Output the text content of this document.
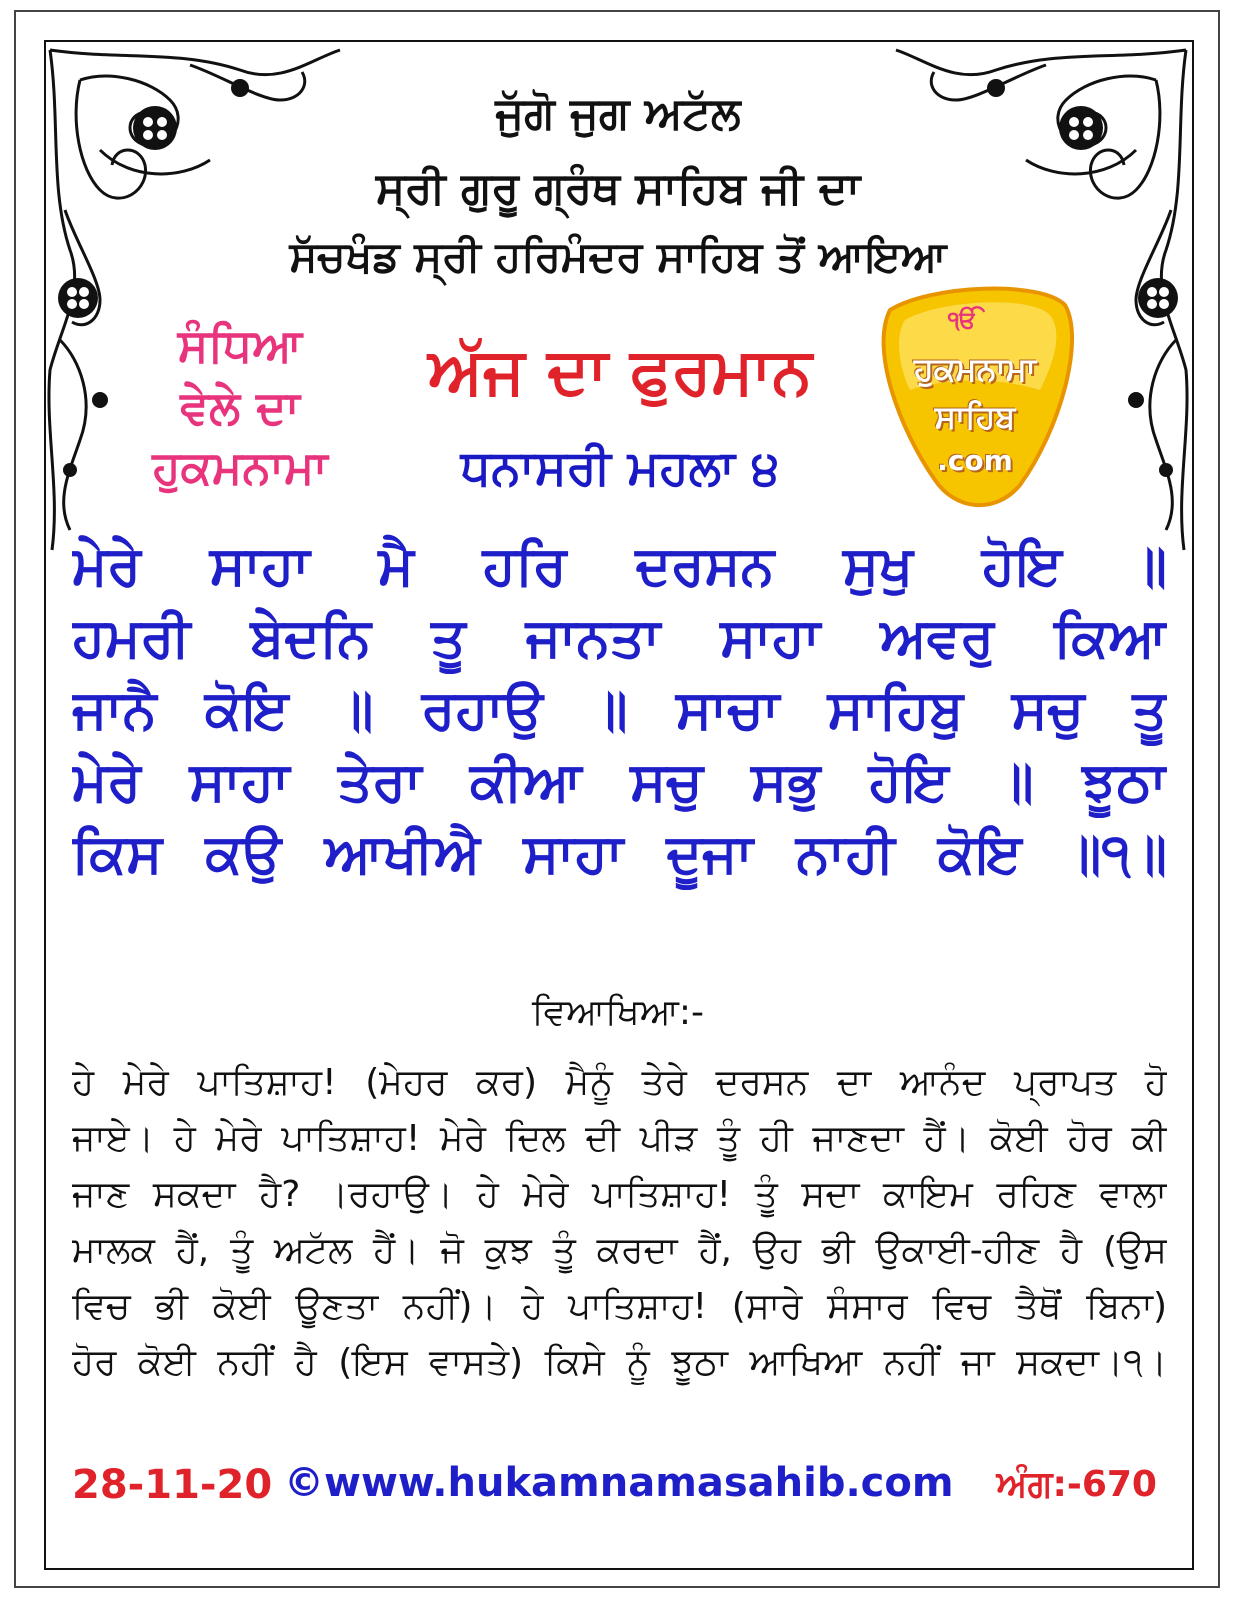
ਜੁੱਗੋ ਜੁਗ ਅਟੱਲ
ਸ੍ਰੀ ਗੁਰੂ ਗ੍ਰੰਥ ਸਾਹਿਬ ਜੀ ਦਾ
ਸੱਚਖੰਡ ਸ੍ਰੀ ਹਰਿਮੰਦਰ ਸਾਹਿਬ ਤੋਂ ਆਇਆ
ਸੰਧਿਆ
ਵੇਲੇ ਦਾ
ਹੁਕਮਨਾਮਾ
ਅੱਜ ਦਾ ਫੁਰਮਾਨ
ਧਨਾਸਰੀ ਮਹਲਾ ੪
ੴ
ਹੁਕਮਨਾਮਾ
ਸਾਹਿਬ
.com
ਮੇਰੇ ਸਾਹਾ ਮੈ ਹਰਿ ਦਰਸਨ ਸੁਖੁ ਹੋਇ ॥
ਹਮਰੀ ਬੇਦਨਿ ਤੂ ਜਾਨਤਾ ਸਾਹਾ ਅਵਰੁ ਕਿਆ
ਜਾਨੈ ਕੋਇ ॥ ਰਹਾਉ ॥ ਸਾਚਾ ਸਾਹਿਬੁ ਸਚੁ ਤੂ
ਮੇਰੇ ਸਾਹਾ ਤੇਰਾ ਕੀਆ ਸਚੁ ਸਭੁ ਹੋਇ ॥ ਝੂਠਾ
ਕਿਸ ਕਉ ਆਖੀਐ ਸਾਹਾ ਦੂਜਾ ਨਾਹੀ ਕੋਇ ॥੧॥
ਵਿਆਖਿਆ:-
ਹੇ ਮੇਰੇ ਪਾਤਿਸ਼ਾਹ! (ਮੇਹਰ ਕਰ) ਮੈਨੂੰ ਤੇਰੇ ਦਰਸਨ ਦਾ ਆਨੰਦ ਪ੍ਰਾਪਤ ਹੋ
ਜਾਏ। ਹੇ ਮੇਰੇ ਪਾਤਿਸ਼ਾਹ! ਮੇਰੇ ਦਿਲ ਦੀ ਪੀੜ ਤੂੰ ਹੀ ਜਾਣਦਾ ਹੈਂ। ਕੋਈ ਹੋਰ ਕੀ
ਜਾਣ ਸਕਦਾ ਹੈ? ।ਰਹਾਉ। ਹੇ ਮੇਰੇ ਪਾਤਿਸ਼ਾਹ! ਤੂੰ ਸਦਾ ਕਾਇਮ ਰਹਿਣ ਵਾਲਾ
ਮਾਲਕ ਹੈਂ, ਤੂੰ ਅਟੱਲ ਹੈਂ। ਜੋ ਕੁਝ ਤੂੰ ਕਰਦਾ ਹੈਂ, ਉਹ ਭੀ ਉਕਾਈ-ਹੀਣ ਹੈ (ਉਸ
ਵਿਚ ਭੀ ਕੋਈ ਊਣਤਾ ਨਹੀਂ)। ਹੇ ਪਾਤਿਸ਼ਾਹ! (ਸਾਰੇ ਸੰਸਾਰ ਵਿਚ ਤੈਥੋਂ ਬਿਨਾ)
ਹੋਰ ਕੋਈ ਨਹੀਂ ਹੈ (ਇਸ ਵਾਸਤੇ) ਕਿਸੇ ਨੂੰ ਝੂਠਾ ਆਖਿਆ ਨਹੀਂ ਜਾ ਸਕਦਾ।੧।
28-11-20 ©www.hukamnamasahib.com ਅੰਗ:-670
